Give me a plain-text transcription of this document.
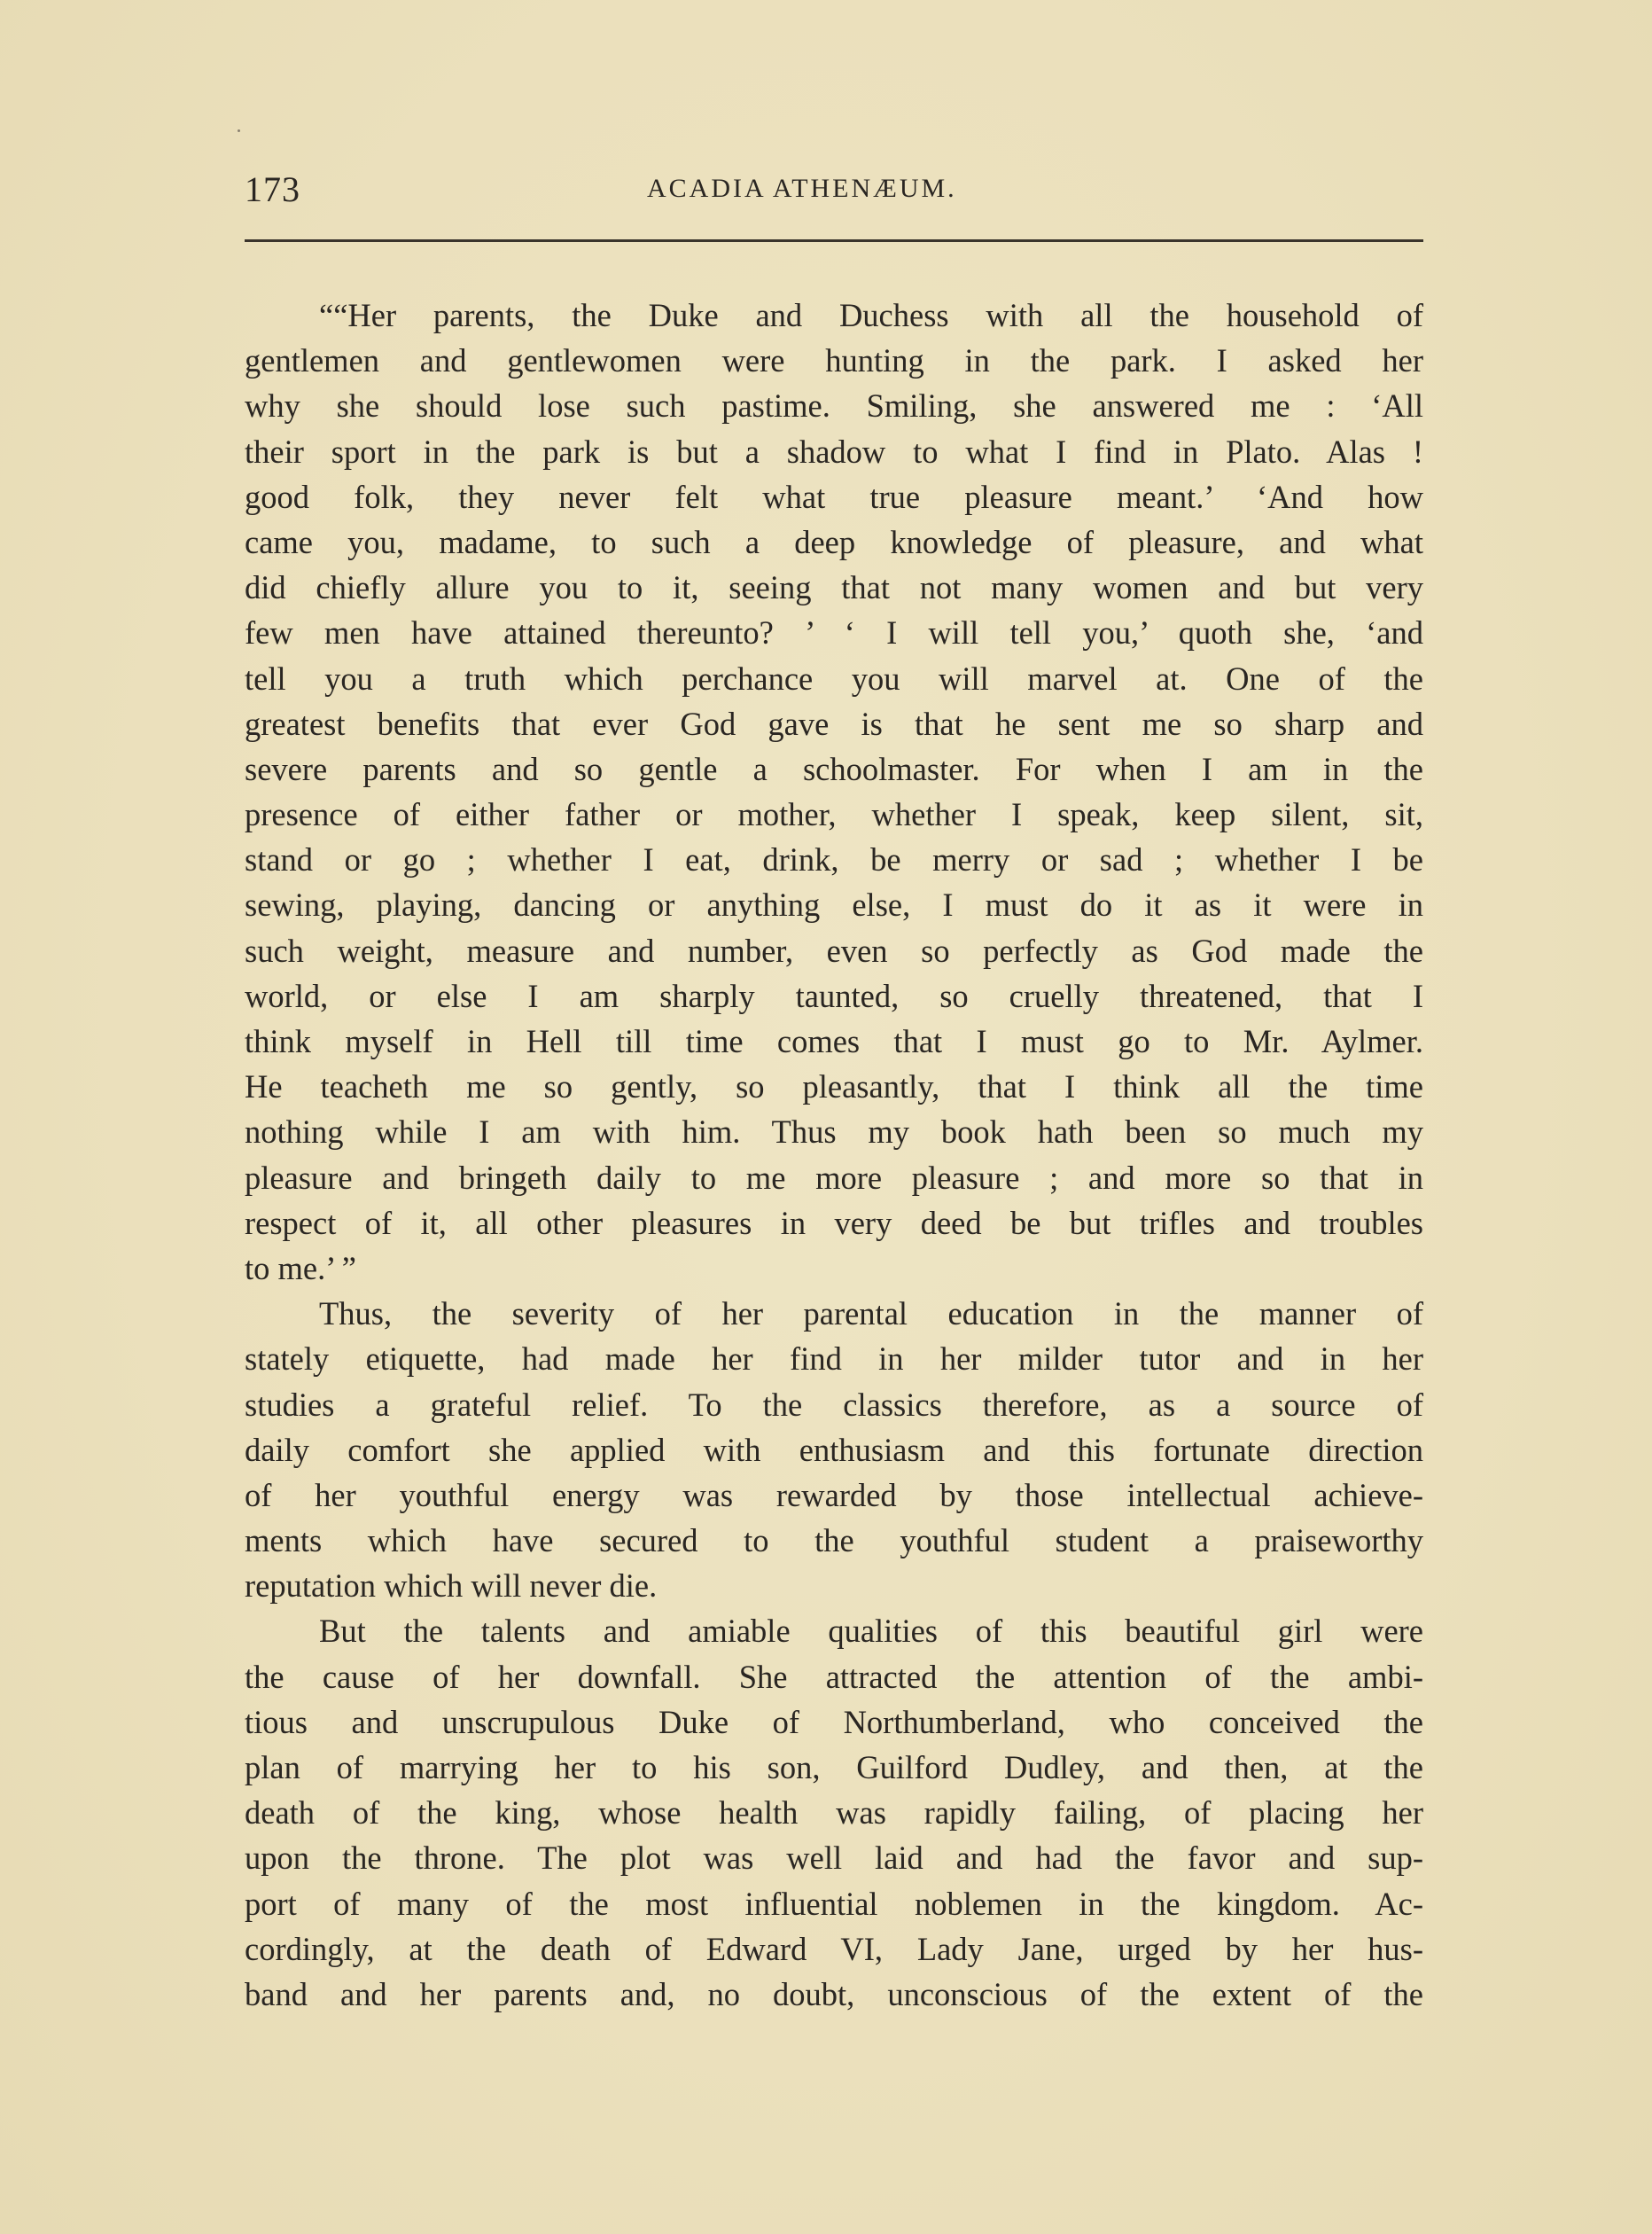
173	ACADIA ATHENÆUM.
““Her parents, the Duke and Duchess with all the household of
gentlemen and gentlewomen were hunting in the park. I asked her
why she should lose such pastime. Smiling, she answered me : ‘All
their sport in the park is but a shadow to what I find in Plato. Alas !
good folk, they never felt what true pleasure meant.’ ‘And how
came you, madame, to such a deep knowledge of pleasure, and what
did chiefly allure you to it, seeing that not many women and but very
few men have attained thereunto? ’ ‘ I will tell you,’ quoth she, ‘and
tell you a truth which perchance you will marvel at. One of the
greatest benefits that ever God gave is that he sent me so sharp and
severe parents and so gentle a schoolmaster. For when I am in the
presence of either father or mother, whether I speak, keep silent, sit,
stand or go ; whether I eat, drink, be merry or sad ; whether I be
sewing, playing, dancing or anything else, I must do it as it were in
such weight, measure and number, even so perfectly as God made the
world, or else I am sharply taunted, so cruelly threatened, that I
think myself in Hell till time comes that I must go to Mr. Aylmer.
He teacheth me so gently, so pleasantly, that I think all the time
nothing while I am with him. Thus my book hath been so much my
pleasure and bringeth daily to me more pleasure ; and more so that in
respect of it, all other pleasures in very deed be but trifles and troubles
to me.’ ”
Thus, the severity of her parental education in the manner of
stately etiquette, had made her find in her milder tutor and in her
studies a grateful relief. To the classics therefore, as a source of
daily comfort she applied with enthusiasm and this fortunate direction
of her youthful energy was rewarded by those intellectual achieve-
ments which have secured to the youthful student a praiseworthy
reputation which will never die.
But the talents and amiable qualities of this beautiful girl were
the cause of her downfall. She attracted the attention of the ambi-
tious and unscrupulous Duke of Northumberland, who conceived the
plan of marrying her to his son, Guilford Dudley, and then, at the
death of the king, whose health was rapidly failing, of placing her
upon the throne. The plot was well laid and had the favor and sup-
port of many of the most influential noblemen in the kingdom. Ac-
cordingly, at the death of Edward VI, Lady Jane, urged by her hus-
band and her parents and, no doubt, unconscious of the extent of the
